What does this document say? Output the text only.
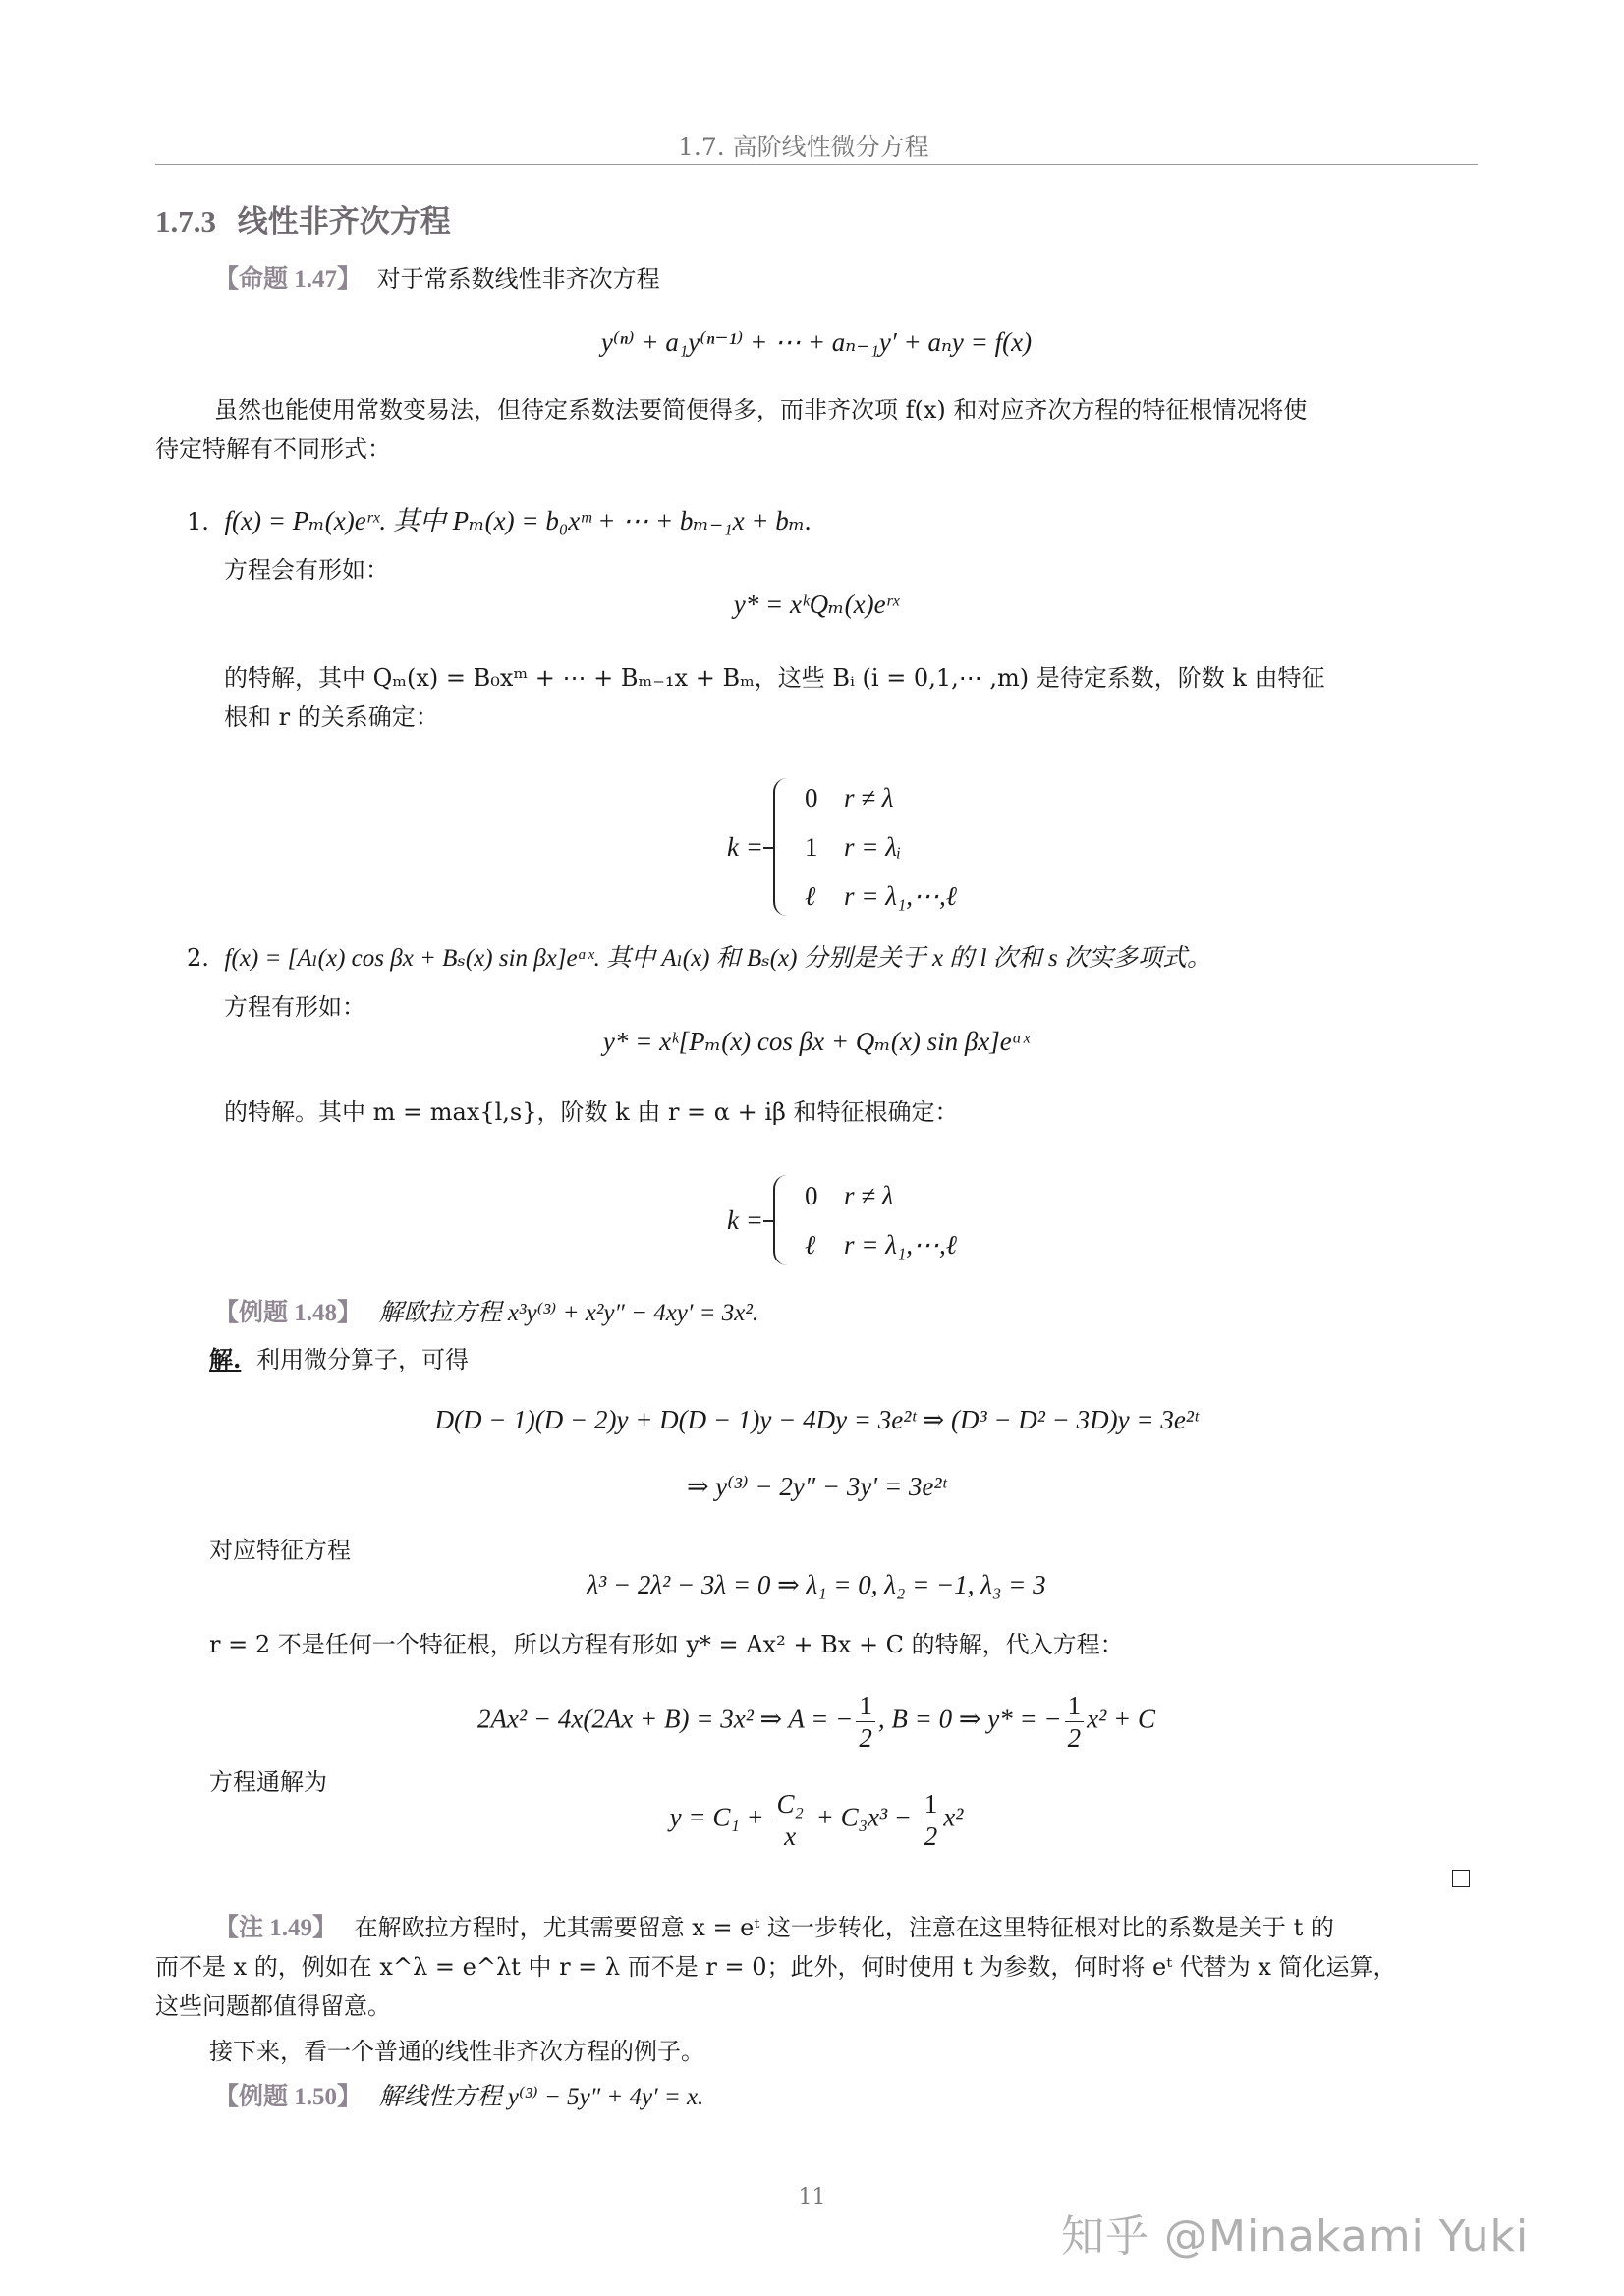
1.7. 高阶线性微分方程
1.7.3 线性非齐次方程
【命题 1.47】 对于常系数线性非齐次方程
y⁽ⁿ⁾ + a₁y⁽ⁿ⁻¹⁾ + ⋯ + aₙ₋₁y′ + aₙy = f(x)
虽然也能使用常数变易法，但待定系数法要简便得多，而非齐次项 f(x) 和对应齐次方程的特征根情况将使
待定特解有不同形式：
1. f(x) = Pₘ(x)eʳˣ. 其中 Pₘ(x) = b₀xᵐ + ⋯ + bₘ₋₁x + bₘ.
方程会有形如：
y* = xᵏQₘ(x)eʳˣ
的特解，其中 Qₘ(x) = B₀xᵐ + ⋯ + Bₘ₋₁x + Bₘ，这些 Bᵢ (i = 0,1,⋯ ,m) 是待定系数，阶数 k 由特征
根和 r 的关系确定：
k =
0 r ≠ λ
1 r = λᵢ
ℓ	r = λ₁,⋯,ℓ
2. f(x) = [Aₗ(x) cos βx + Bₛ(x) sin βx]eᵅˣ. 其中 Aₗ(x) 和 Bₛ(x) 分别是关于 x 的 l 次和 s 次实多项式。
方程有形如：
y* = xᵏ[Pₘ(x) cos βx + Qₘ(x) sin βx]eᵅˣ
的特解。其中 m = max{l,s}，阶数 k 由 r = α + iβ 和特征根确定：
k =
0 r ≠ λ
ℓ	r = λ₁,⋯,ℓ
【例题 1.48】 解欧拉方程 x³y⁽³⁾ + x²y″ − 4xy′ = 3x².
解. 利用微分算子，可得
D(D − 1)(D − 2)y + D(D − 1)y − 4Dy = 3e²ᵗ ⇒ (D³ − D² − 3D)y = 3e²ᵗ
⇒ y⁽³⁾ − 2y″ − 3y′ = 3e²ᵗ
对应特征方程
λ³ − 2λ² − 3λ = 0 ⇒ λ₁ = 0, λ₂ = −1, λ₃ = 3
r = 2 不是任何一个特征根，所以方程有形如 y* = Ax² + Bx + C 的特解，代入方程：
2Ax² − 4x(2Ax + B) = 3x² ⇒ A = − $\frac{1}{2}$ , B = 0 ⇒ y* = − $\frac{1}{2} x^2 + C$
方程通解为
$y = C_1 + \frac{\text{C₂}}{x} + C_3x^3 - \frac{1}{2} x^2$
【注 1.49】 在解欧拉方程时，尤其需要留意 x = eᵗ 这一步转化，注意在这里特征根对比的系数是关于 t 的
而不是 x 的，例如在 x^λ = e^λt 中 r = λ 而不是 r = 0；此外，何时使用 t 为参数，何时将 eᵗ 代替为 x 简化运算，
这些问题都值得留意。
接下来，看一个普通的线性非齐次方程的例子。
【例题 1.50】 解线性方程 y⁽³⁾ − 5y″ + 4y′ = x.
11
知乎 @Minakami Yuki
